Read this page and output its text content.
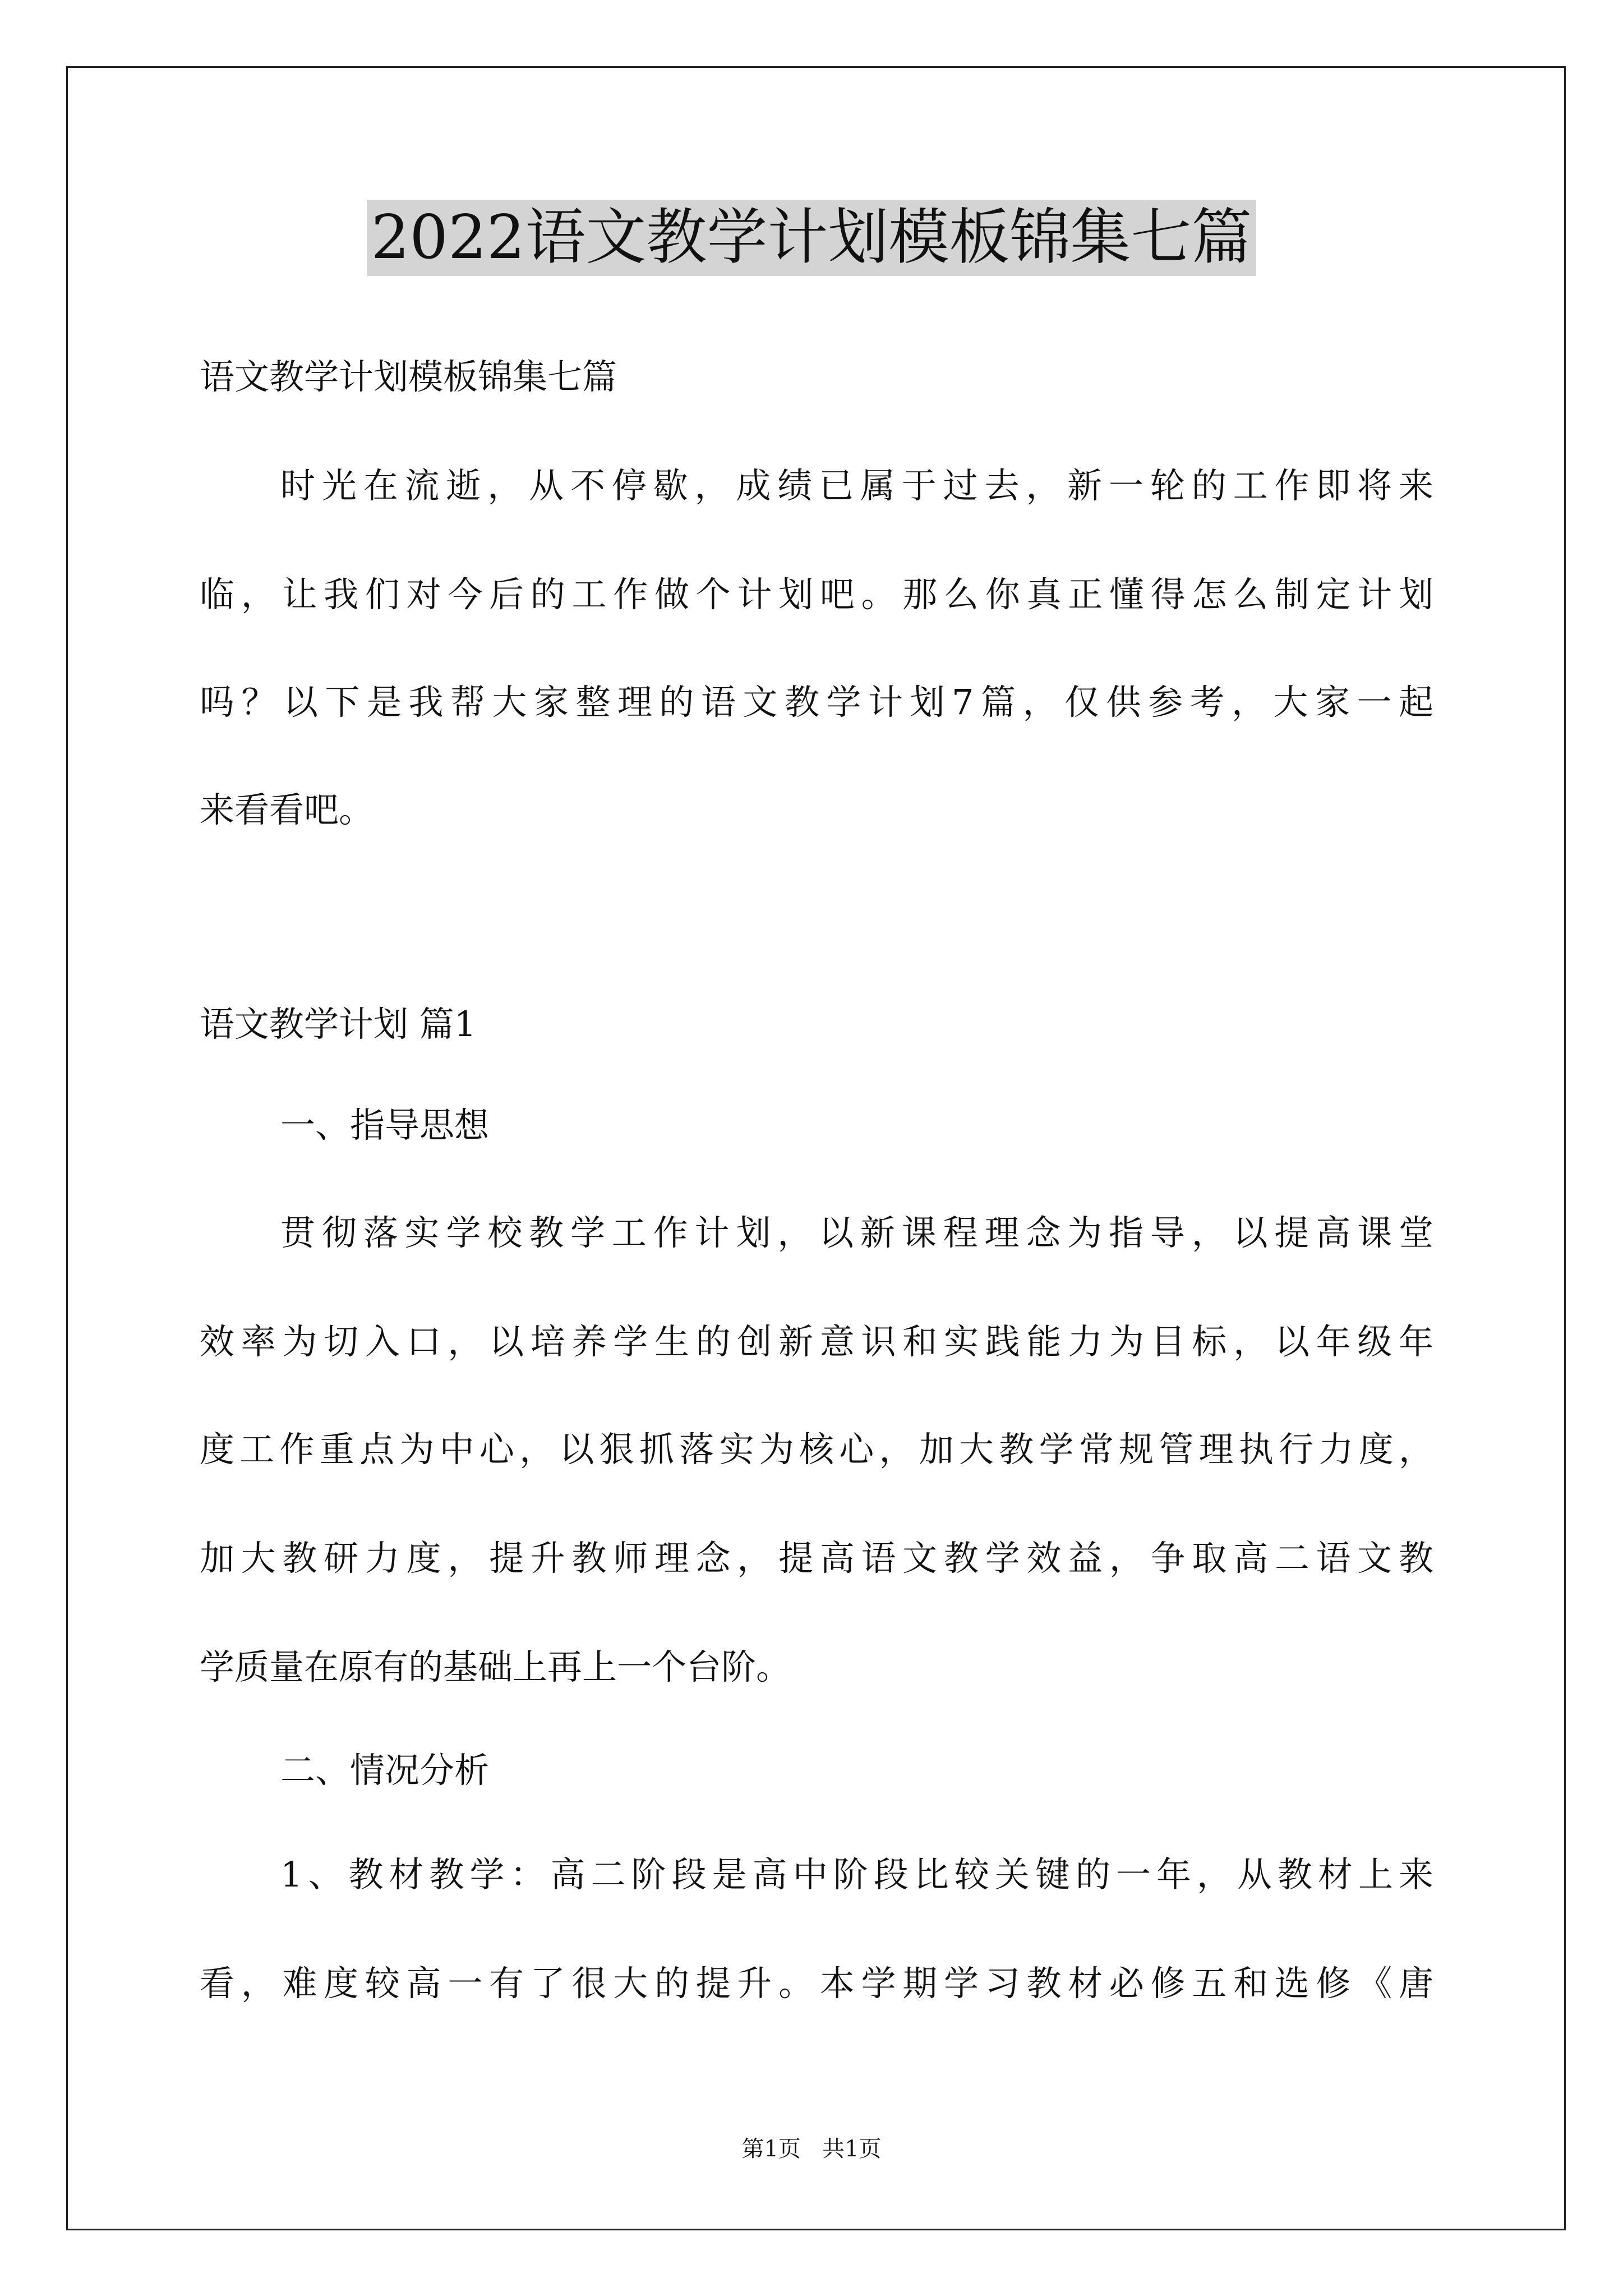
2022语文教学计划模板锦集七篇
语文教学计划模板锦集七篇
时光在流逝，从不停歇，成绩已属于过去，新一轮的工作即将来
临，让我们对今后的工作做个计划吧。那么你真正懂得怎么制定计划
吗？以下是我帮大家整理的语文教学计划7篇，仅供参考，大家一起
来看看吧。
语文教学计划 篇1
一、指导思想
贯彻落实学校教学工作计划，以新课程理念为指导，以提高课堂
效率为切入口，以培养学生的创新意识和实践能力为目标，以年级年
度工作重点为中心，以狠抓落实为核心，加大教学常规管理执行力度，
加大教研力度，提升教师理念，提高语文教学效益，争取高二语文教
学质量在原有的基础上再上一个台阶。
二、情况分析
1、教材教学：高二阶段是高中阶段比较关键的一年，从教材上来
看，难度较高一有了很大的提升。本学期学习教材必修五和选修《唐
第1页   共1页
